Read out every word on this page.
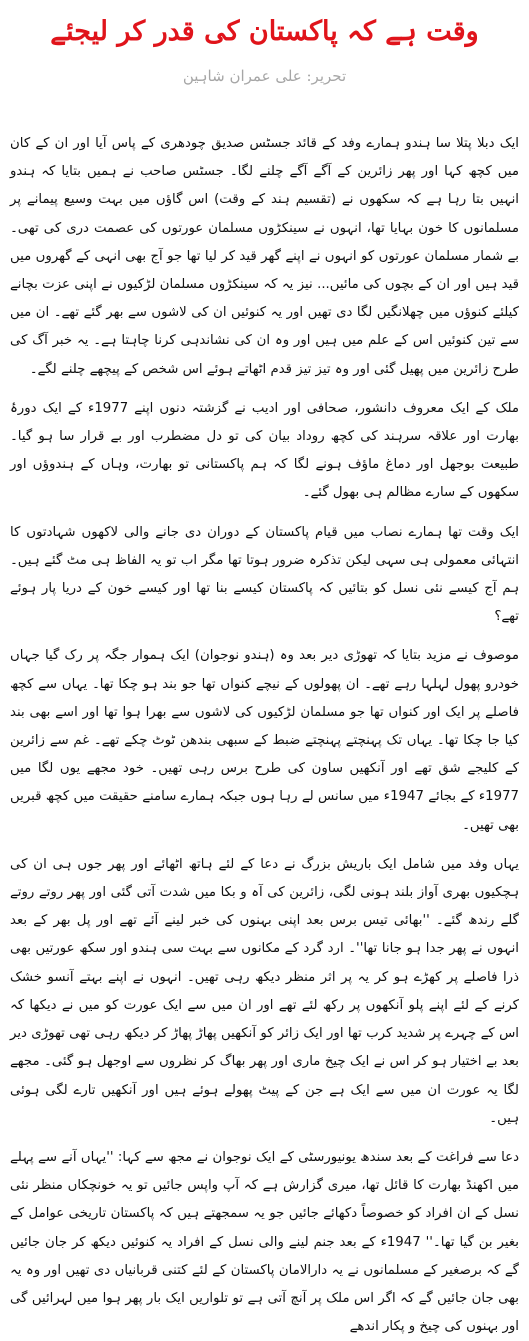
وقت ہے کہ پاکستان کی قدر کر لیجئے
تحریر: علی عمران شاہین

ایک دبلا پتلا سا ہندو ہمارے وفد کے قائد جسٹس صدیق چودھری کے پاس آیا اور ان کے کان میں کچھ کہا اور پھر زائرین کے آگے آگے چلنے لگا۔ جسٹس صاحب نے ہمیں بتایا کہ ہندو انہیں بتا رہا ہے کہ سکھوں نے (تقسیم ہند کے وقت) اس گاؤں میں بہت وسیع پیمانے پر مسلمانوں کا خون بہایا تھا، انہوں نے سینکڑوں مسلمان عورتوں کی عصمت دری کی تھی۔ بے شمار مسلمان عورتوں کو انہوں نے اپنے گھر قید کر لیا تھا جو آج بھی انہی کے گھروں میں قید ہیں اور ان کے بچوں کی مائیں... نیز یہ کہ سینکڑوں مسلمان لڑکیوں نے اپنی عزت بچانے کیلئے کنوؤں میں چھلانگیں لگا دی تھیں اور یہ کنوئیں ان کی لاشوں سے بھر گئے تھے۔ ان میں سے تین کنوئیں اس کے علم میں ہیں اور وہ ان کی نشاندہی کرنا چاہتا ہے۔ یہ خبر آگ کی طرح زائرین میں پھیل گئی اور وہ تیز تیز قدم اٹھاتے ہوئے اس شخص کے پیچھے چلنے لگے۔

ملک کے ایک معروف دانشور، صحافی اور ادیب نے گزشتہ دنوں اپنے 1977ء کے ایک دورۂ بھارت اور علاقہ سرہند کی کچھ روداد بیان کی تو دل مضطرب اور بے قرار سا ہو گیا۔ طبیعت بوجھل اور دماغ ماؤف ہونے لگا کہ ہم پاکستانی تو بھارت، وہاں کے ہندوؤں اور سکھوں کے سارے مظالم ہی بھول گئے۔

ایک وقت تھا ہمارے نصاب میں قیام پاکستان کے دوران دی جانے والی لاکھوں شہادتوں کا انتہائی معمولی ہی سہی لیکن تذکرہ ضرور ہوتا تھا مگر اب تو یہ الفاظ ہی مٹ گئے ہیں۔ ہم آج کیسے نئی نسل کو بتائیں کہ پاکستان کیسے بنا تھا اور کیسے خون کے دریا پار ہوئے تھے؟

موصوف نے مزید بتایا کہ تھوڑی دیر بعد وہ (ہندو نوجوان) ایک ہموار جگہ پر رک گیا جہاں خودرو پھول لہلہا رہے تھے۔ ان پھولوں کے نیچے کنواں تھا جو بند ہو چکا تھا۔ یہاں سے کچھ فاصلے پر ایک اور کنواں تھا جو مسلمان لڑکیوں کی لاشوں سے بھرا ہوا تھا اور اسے بھی بند کیا جا چکا تھا۔ یہاں تک پہنچتے پہنچتے ضبط کے سبھی بندھن ٹوٹ چکے تھے۔ غم سے زائرین کے کلیجے شق تھے اور آنکھیں ساون کی طرح برس رہی تھیں۔ خود مجھے یوں لگا میں 1977ء کے بجائے 1947ء میں سانس لے رہا ہوں جبکہ ہمارے سامنے حقیقت میں کچھ قبریں بھی تھیں۔

یہاں وفد میں شامل ایک باریش بزرگ نے دعا کے لئے ہاتھ اٹھائے اور پھر جوں ہی ان کی ہچکیوں بھری آواز بلند ہونی لگی، زائرین کی آہ و بکا میں شدت آتی گئی اور پھر روتے روتے گلے رندھ گئے۔ ''بھائی تیس برس بعد اپنی بہنوں کی خبر لینے آئے تھے اور پل بھر کے بعد انہوں نے پھر جدا ہو جانا تھا''۔ ارد گرد کے مکانوں سے بہت سی ہندو اور سکھ عورتیں بھی ذرا فاصلے پر کھڑے ہو کر یہ پر اثر منظر دیکھ رہی تھیں۔ انہوں نے اپنے بہتے آنسو خشک کرنے کے لئے اپنے پلو آنکھوں پر رکھ لئے تھے اور ان میں سے ایک عورت کو میں نے دیکھا کہ اس کے چہرے پر شدید کرب تھا اور ایک زائر کو آنکھیں پھاڑ پھاڑ کر دیکھ رہی تھی تھوڑی دیر بعد بے اختیار ہو کر اس نے ایک چیخ ماری اور پھر بھاگ کر نظروں سے اوجھل ہو گئی۔ مجھے لگا یہ عورت ان میں سے ایک ہے جن کے پیٹ پھولے ہوئے ہیں اور آنکھیں تارے لگی ہوئی ہیں۔

دعا سے فراغت کے بعد سندھ یونیورسٹی کے ایک نوجوان نے مجھ سے کہا: ''یہاں آنے سے پہلے میں اکھنڈ بھارت کا قائل تھا، میری گزارش ہے کہ آپ واپس جائیں تو یہ خونچکاں منظر نئی نسل کے ان افراد کو خصوصاً دکھائے جائیں جو یہ سمجھتے ہیں کہ پاکستان تاریخی عوامل کے بغیر بن گیا تھا۔'' 1947ء کے بعد جنم لینے والی نسل کے افراد یہ کنوئیں دیکھ کر جان جائیں گے کہ برصغیر کے مسلمانوں نے یہ دارالامان پاکستان کے لئے کتنی قربانیاں دی تھیں اور وہ یہ بھی جان جائیں گے کہ اگر اس ملک پر آنچ آتی ہے تو تلواریں ایک بار پھر ہوا میں لہرائیں گی اور بہنوں کی چیخ و پکار اندھے
